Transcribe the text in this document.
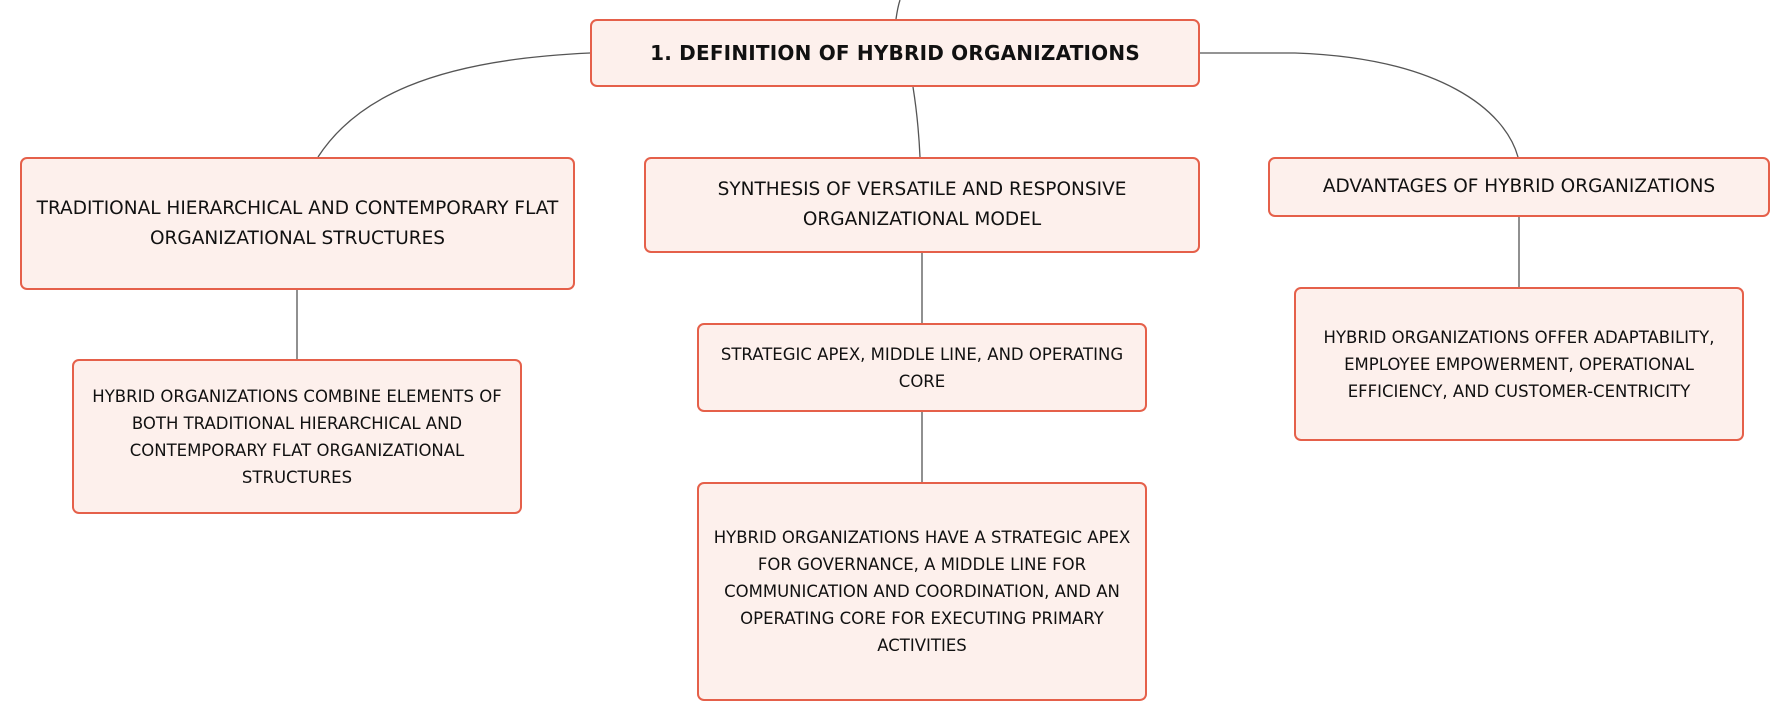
1. DEFINITION OF HYBRID ORGANIZATIONS
TRADITIONAL HIERARCHICAL AND CONTEMPORARY FLAT ORGANIZATIONAL STRUCTURES
SYNTHESIS OF VERSATILE AND RESPONSIVE ORGANIZATIONAL MODEL
ADVANTAGES OF HYBRID ORGANIZATIONS
HYBRID ORGANIZATIONS COMBINE ELEMENTS OF BOTH TRADITIONAL HIERARCHICAL AND CONTEMPORARY FLAT ORGANIZATIONAL STRUCTURES
STRATEGIC APEX, MIDDLE LINE, AND OPERATING CORE
HYBRID ORGANIZATIONS HAVE A STRATEGIC APEX FOR GOVERNANCE, A MIDDLE LINE FOR COMMUNICATION AND COORDINATION, AND AN OPERATING CORE FOR EXECUTING PRIMARY ACTIVITIES
HYBRID ORGANIZATIONS OFFER ADAPTABILITY, EMPLOYEE EMPOWERMENT, OPERATIONAL EFFICIENCY, AND CUSTOMER-CENTRICITY
